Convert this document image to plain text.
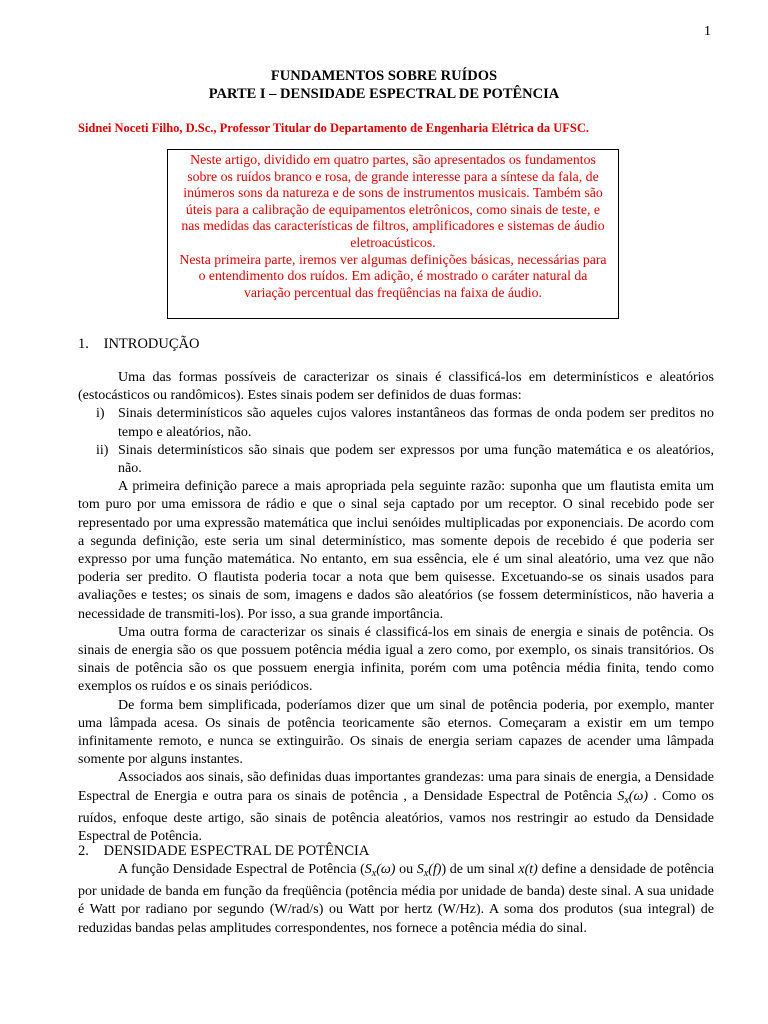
1
FUNDAMENTOS SOBRE RUÍDOS
PARTE I – DENSIDADE ESPECTRAL DE POTÊNCIA
Sidnei Noceti Filho, D.Sc., Professor Titular do Departamento de Engenharia Elétrica da UFSC.

Neste artigo, dividido em quatro partes, são apresentados os fundamentos sobre os ruídos branco e rosa, de grande interesse para a síntese da fala, de inúmeros sons da natureza e de sons de instrumentos musicais. Também são úteis para a calibração de equipamentos eletrônicos, como sinais de teste, e nas medidas das características de filtros, amplificadores e sistemas de áudio eletroacústicos.

Nesta primeira parte, iremos ver algumas definições básicas, necessárias para o entendimento dos ruídos. Em adição, é mostrado o caráter natural da variação percentual das freqüências na faixa de áudio.

1. INTRODUÇÃO

Uma das formas possíveis de caracterizar os sinais é classificá-los em determinísticos e aleatórios (estocásticos ou randômicos). Estes sinais podem ser definidos de duas formas:

i) Sinais determinísticos são aqueles cujos valores instantâneos das formas de onda podem ser preditos no tempo e aleatórios, não.

ii) Sinais determinísticos são sinais que podem ser expressos por uma função matemática e os aleatórios, não.

A primeira definição parece a mais apropriada pela seguinte razão: suponha que um flautista emita um tom puro por uma emissora de rádio e que o sinal seja captado por um receptor. O sinal recebido pode ser representado por uma expressão matemática que inclui senóides multiplicadas por exponenciais. De acordo com a segunda definição, este seria um sinal determinístico, mas somente depois de recebido é que poderia ser expresso por uma função matemática. No entanto, em sua essência, ele é um sinal aleatório, uma vez que não poderia ser predito. O flautista poderia tocar a nota que bem quisesse. Excetuando-se os sinais usados para avaliações e testes; os sinais de som, imagens e dados são aleatórios (se fossem determinísticos, não haveria a necessidade de transmiti-los). Por isso, a sua grande importância.

Uma outra forma de caracterizar os sinais é classificá-los em sinais de energia e sinais de potência. Os sinais de energia são os que possuem potência média igual a zero como, por exemplo, os sinais transitórios. Os sinais de potência são os que possuem energia infinita, porém com uma potência média finita, tendo como exemplos os ruídos e os sinais periódicos.

De forma bem simplificada, poderíamos dizer que um sinal de potência poderia, por exemplo, manter uma lâmpada acesa. Os sinais de potência teoricamente são eternos. Começaram a existir em um tempo infinitamente remoto, e nunca se extinguirão. Os sinais de energia seriam capazes de acender uma lâmpada somente por alguns instantes.

Associados aos sinais, são definidas duas importantes grandezas: uma para sinais de energia, a Densidade Espectral de Energia e outra para os sinais de potência , a Densidade Espectral de Potência $S_x(\omega)$ . Como os ruídos, enfoque deste artigo, são sinais de potência aleatórios, vamos nos restringir ao estudo da Densidade Espectral de Potência.

2. DENSIDADE ESPECTRAL DE POTÊNCIA

A função Densidade Espectral de Potência ($S_x(\omega)$ ou $S_x(f)$) de um sinal x(t) define a densidade de potência por unidade de banda em função da freqüência (potência média por unidade de banda) deste sinal. A sua unidade é Watt por radiano por segundo (W/rad/s) ou Watt por hertz (W/Hz). A soma dos produtos (sua integral) de reduzidas bandas pelas amplitudes correspondentes, nos fornece a potência média do sinal.
